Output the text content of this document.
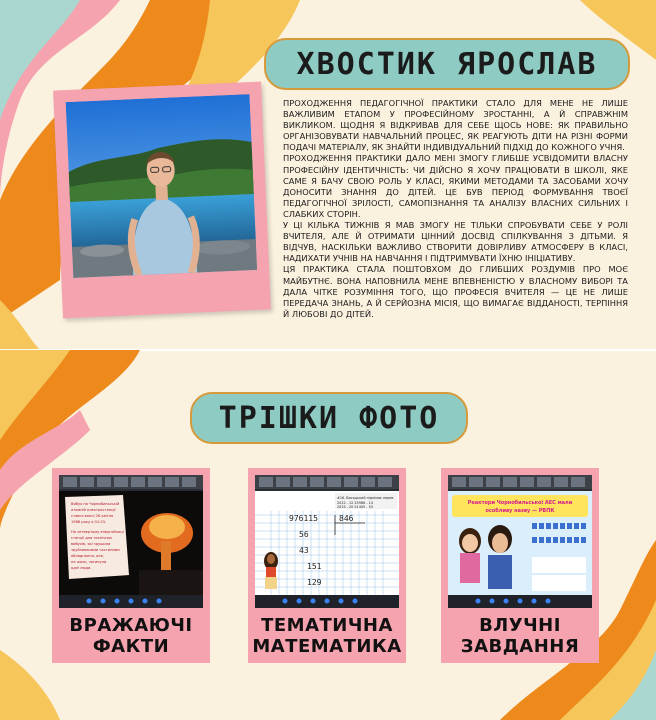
ХВОСТИК ЯРОСЛАВ

ПРОХОДЖЕННЯ ПЕДАГОГІЧНОЇ ПРАКТИКИ СТАЛО ДЛЯ МЕНЕ НЕ ЛИШЕ ВАЖЛИВИМ ЕТАПОМ У ПРОФЕСІЙНОМУ ЗРОСТАННІ, А Й СПРАВЖНІМ ВИКЛИКОМ. ЩОДНЯ Я ВІДКРИВАВ ДЛЯ СЕБЕ ЩОСЬ НОВЕ: ЯК ПРАВИЛЬНО ОРГАНІЗОВУВАТИ НАВЧАЛЬНИЙ ПРОЦЕС, ЯК РЕАГУЮТЬ ДІТИ НА РІЗНІ ФОРМИ ПОДАЧІ МАТЕРІАЛУ, ЯК ЗНАЙТИ ІНДИВІДУАЛЬНИЙ ПІДХІД ДО КОЖНОГО УЧНЯ.

ПРОХОДЖЕННЯ ПРАКТИКИ ДАЛО МЕНІ ЗМОГУ ГЛИБШЕ УСВІДОМИТИ ВЛАСНУ ПРОФЕСІЙНУ ІДЕНТИЧНІСТЬ: ЧИ ДІЙСНО Я ХОЧУ ПРАЦЮВАТИ В ШКОЛІ, ЯКЕ САМЕ Я БАЧУ СВОЮ РОЛЬ У КЛАСІ, ЯКИМИ МЕТОДАМИ ТА ЗАСОБАМИ ХОЧУ ДОНОСИТИ ЗНАННЯ ДО ДІТЕЙ. ЦЕ БУВ ПЕРІОД ФОРМУВАННЯ ТВОЄЇ ПЕДАГОГІЧНОЇ ЗРІЛОСТІ, САМОПІЗНАННЯ ТА АНАЛІЗУ ВЛАСНИХ СИЛЬНИХ І СЛАБКИХ СТОРІН.

У ЦІ КІЛЬКА ТИЖНІВ Я МАВ ЗМОГУ НЕ ТІЛЬКИ СПРОБУВАТИ СЕБЕ У РОЛІ ВЧИТЕЛЯ, АЛЕ Й ОТРИМАТИ ЦІННИЙ ДОСВІД СПІЛКУВАННЯ З ДІТЬМИ. Я ВІДЧУВ, НАСКІЛЬКИ ВАЖЛИВО СТВОРИТИ ДОВІРЛИВУ АТМОСФЕРУ В КЛАСІ, НАДИХАТИ УЧНІВ НА НАВЧАННЯ І ПІДТРИМУВАТИ ЇХНЮ ІНІЦІАТИВУ.

ЦЯ ПРАКТИКА СТАЛА ПОШТОВХОМ ДО ГЛИБШИХ РОЗДУМІВ ПРО МОЄ МАЙБУТНЄ. ВОНА НАПОВНИЛА МЕНЕ ВПЕВНЕНІСТЮ У ВЛАСНОМУ ВИБОРІ ТА ДАЛА ЧІТКЕ РОЗУМІННЯ ТОГО, ЩО ПРОФЕСІЯ ВЧИТЕЛЯ — ЦЕ НЕ ЛИШЕ ПЕРЕДАЧА ЗНАНЬ, А Й СЕРЙОЗНА МІСІЯ, ЩО ВИМАГАЄ ВІДДАНОСТІ, ТЕРПІННЯ Й ЛЮБОВІ ДО ДІТЕЙ.

ТРІШКИ ФОТО
Вибух на Чорнобильській
атомній електростанції
стався вночі 26 квітня
1986 року о 01:23.
На четвертому енергоблоці
станції для технічних
вибухів, які зрушили
зруйнованими частинами
обладнання, але,
на жаль, загинули
одні люди.
ВРАЖАЮЧІ
ФАКТИ
#16. Висоцький піднімає перев
2022 - 12 25986 - 14
2025 - 20 51405 - 53
976115	846
56
43
151
129
ТЕМАТИЧНА
МАТЕМАТИКА
Реактори Чорнобильської АЕС мали
особливу назву — РВПК
ВЛУЧНІ
ЗАВДАННЯ
